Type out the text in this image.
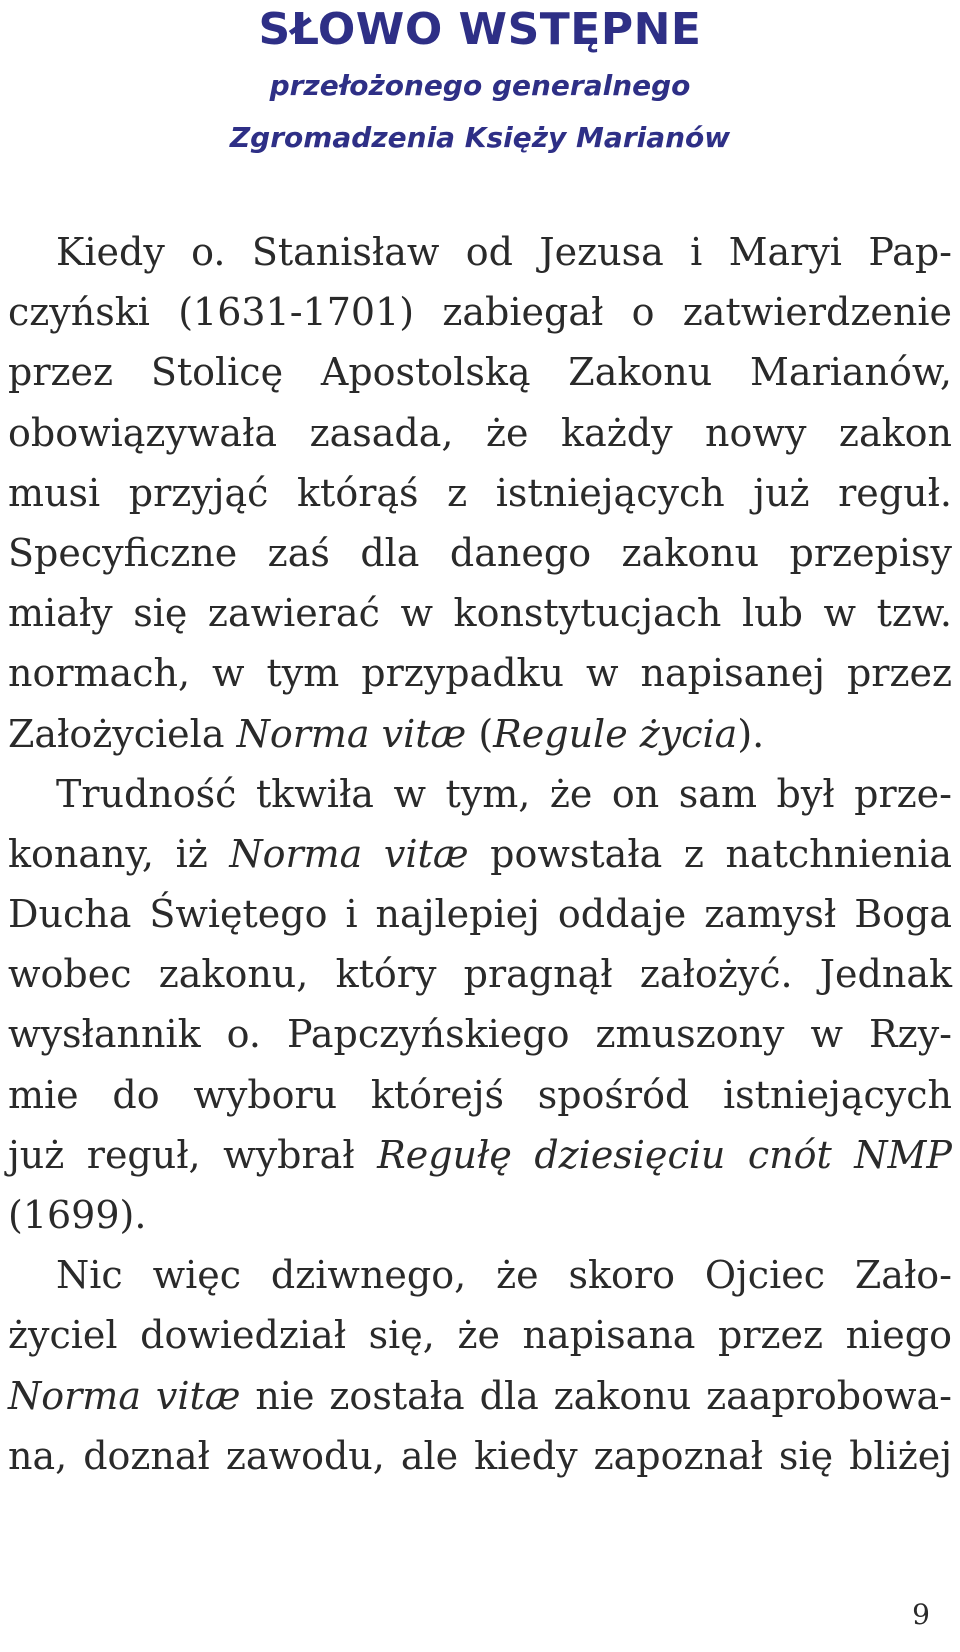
SŁOWO WSTĘPNE
przełożonego generalnego
Zgromadzenia Księży Marianów
Kiedy o. Stanisław od Jezusa i Maryi Pap-
czyński (1631-1701) zabiegał o zatwierdzenie
przez Stolicę Apostolską Zakonu Marianów,
obowiązywała zasada, że każdy nowy zakon
musi przyjąć którąś z istniejących już reguł.
Specyficzne zaś dla danego zakonu przepisy
miały się zawierać w konstytucjach lub w tzw.
normach, w tym przypadku w napisanej przez
Założyciela Norma vitæ (Regule życia).
Trudność tkwiła w tym, że on sam był prze-
konany, iż Norma vitæ powstała z natchnienia
Ducha Świętego i najlepiej oddaje zamysł Boga
wobec zakonu, który pragnął założyć. Jednak
wysłannik o. Papczyńskiego zmuszony w Rzy-
mie do wyboru którejś spośród istniejących
już reguł, wybrał Regułę dziesięciu cnót NMP
(1699).
Nic więc dziwnego, że skoro Ojciec Zało-
życiel dowiedział się, że napisana przez niego
Norma vitæ nie została dla zakonu zaaprobowa-
na, doznał zawodu, ale kiedy zapoznał się bliżej
9
